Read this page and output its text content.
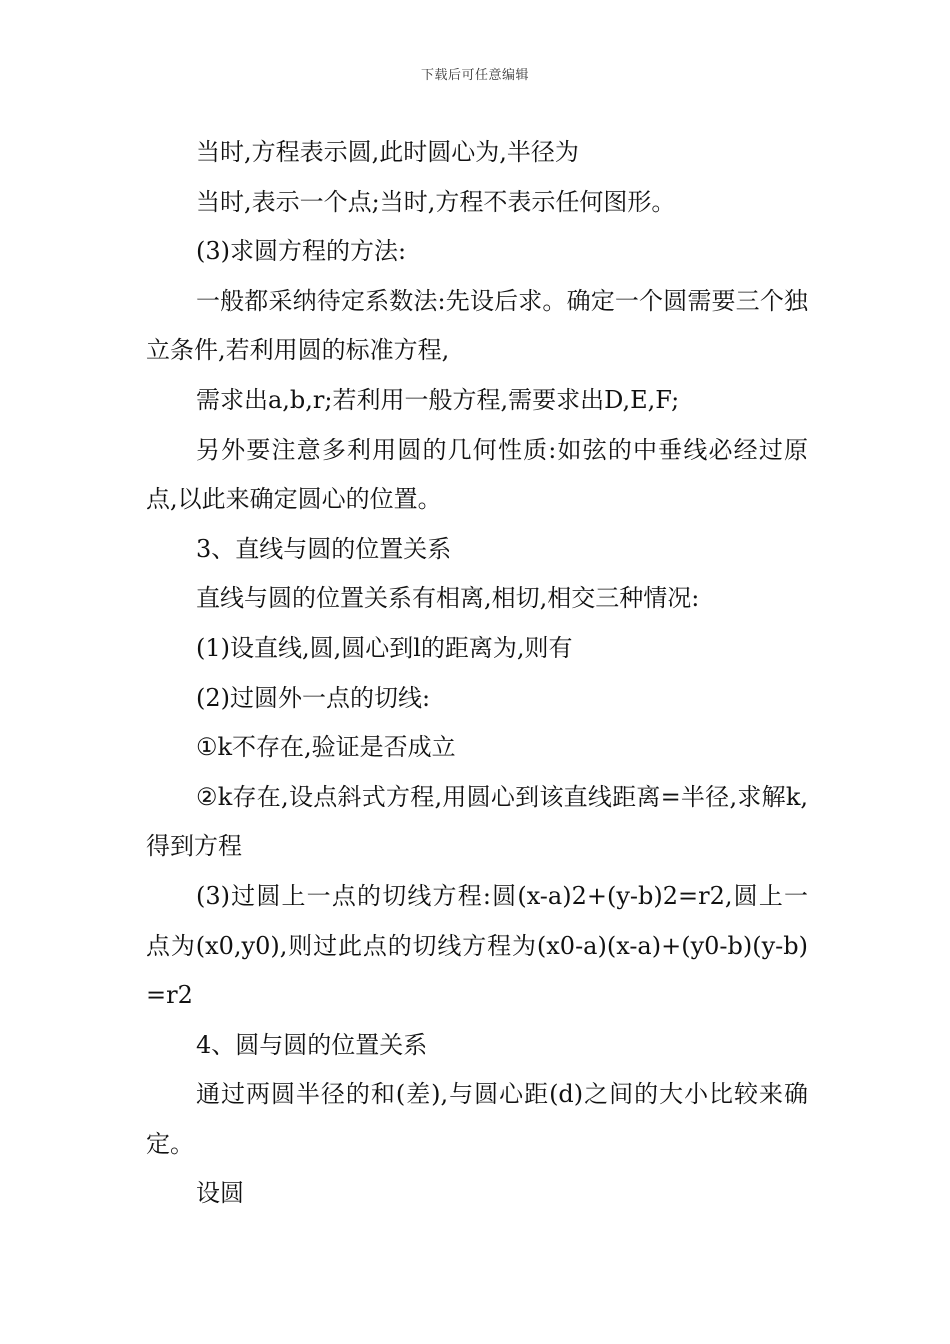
下载后可任意编辑

当时,方程表示圆,此时圆心为,半径为

当时,表示一个点;当时,方程不表示任何图形。

(3)求圆方程的方法:

一般都采纳待定系数法:先设后求。确定一个圆需要三个独立条件,若利用圆的标准方程,

需求出a,b,r;若利用一般方程,需要求出D,E,F;

另外要注意多利用圆的几何性质:如弦的中垂线必经过原点,以此来确定圆心的位置。

3、直线与圆的位置关系

直线与圆的位置关系有相离,相切,相交三种情况:

(1)设直线,圆,圆心到l的距离为,则有

(2)过圆外一点的切线:

①k不存在,验证是否成立

②k存在,设点斜式方程,用圆心到该直线距离=半径,求解k,得到方程

(3)过圆上一点的切线方程:圆(x-a)2+(y-b)2=r2,圆上一点为(x0,y0),则过此点的切线方程为(x0-a)(x-a)+(y0-b)(y-b)=r2

4、圆与圆的位置关系

通过两圆半径的和(差),与圆心距(d)之间的大小比较来确定。

设圆
